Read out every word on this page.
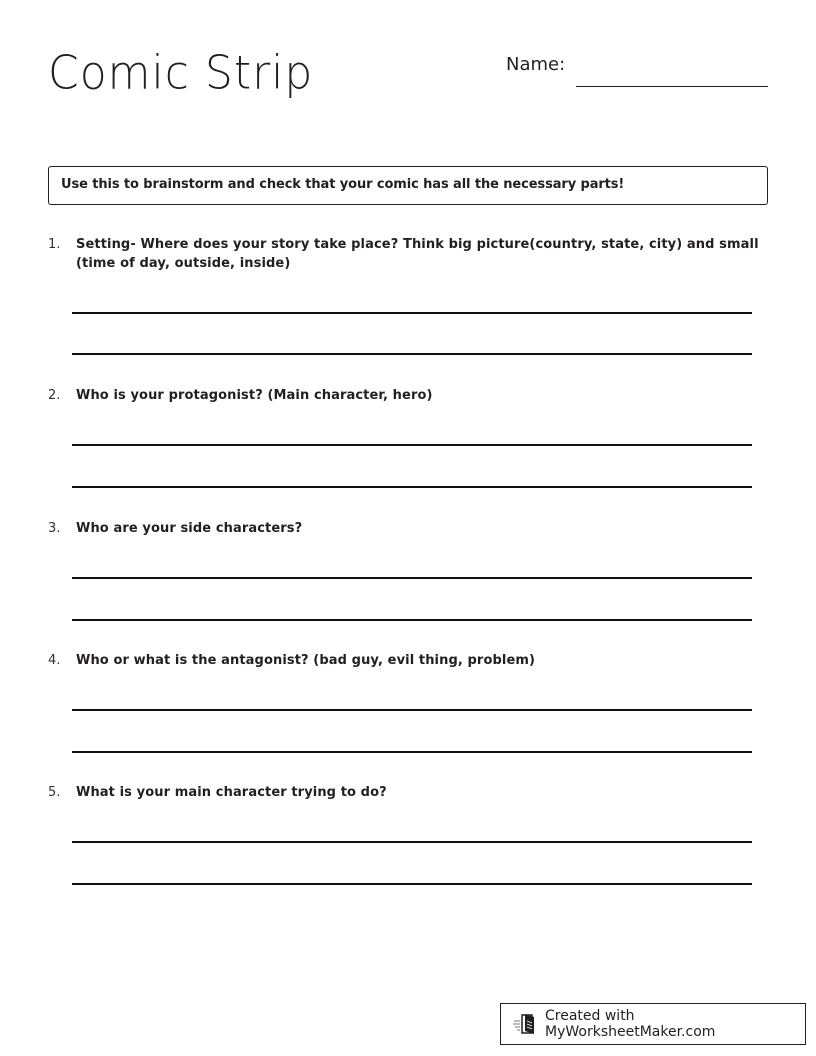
Comic Strip	Name:
Use this to brainstorm and check that your comic has all the necessary parts!
1. Setting- Where does your story take place? Think big picture(country, state, city) and small (time of day, outside, inside)
2. Who is your protagonist? (Main character, hero)
3. Who are your side characters?
4. Who or what is the antagonist? (bad guy, evil thing, problem)
5. What is your main character trying to do?
Created with MyWorksheetMaker.com
